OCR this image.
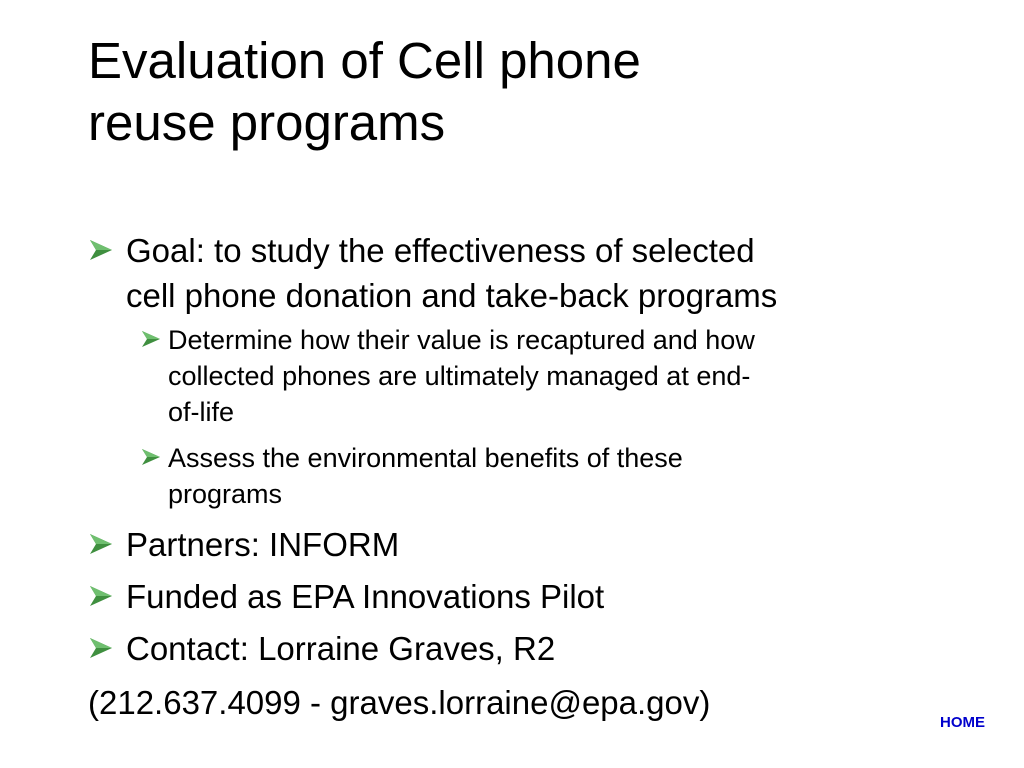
Evaluation of Cell phone
reuse programs
Goal: to study the effectiveness of selected
cell phone donation and take-back programs
Determine how their value is recaptured and how
collected phones are ultimately managed at end-
of-life
Assess the environmental benefits of these
programs
Partners: INFORM
Funded as EPA Innovations Pilot
Contact: Lorraine Graves, R2
(212.637.4099 - graves.lorraine@epa.gov)
HOME
